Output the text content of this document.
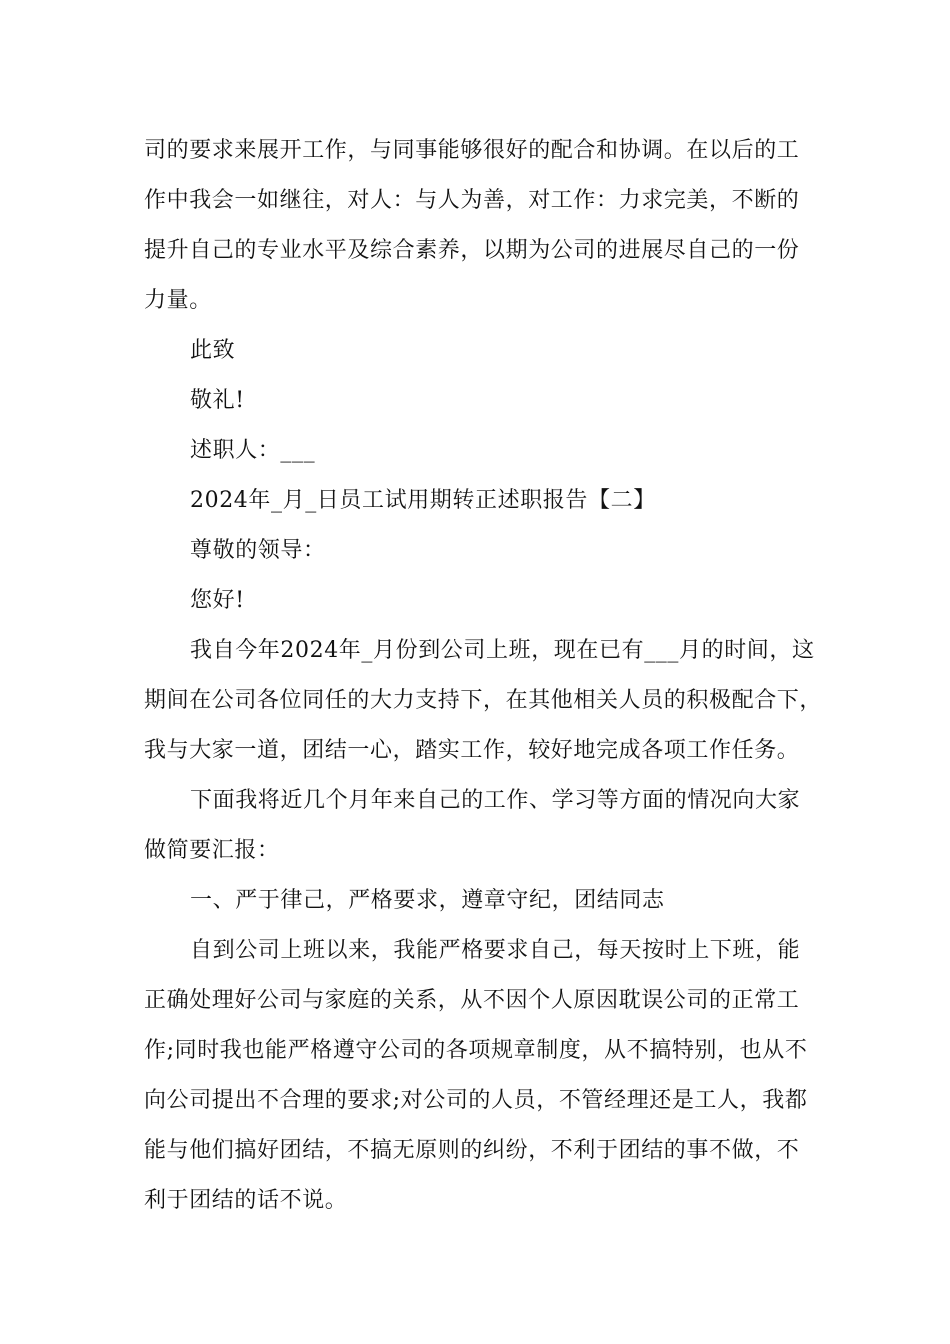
司的要求来展开工作，与同事能够很好的配合和协调。在以后的工
作中我会一如继往，对人：与人为善，对工作：力求完美，不断的
提升自己的专业水平及综合素养，以期为公司的进展尽自己的一份
力量。
此致
敬礼!
述职人：___
2024年_月_日员工试用期转正述职报告【二】
尊敬的领导：
您好!
我自今年2024年_月份到公司上班，现在已有___月的时间，这
期间在公司各位同任的大力支持下，在其他相关人员的积极配合下，
我与大家一道，团结一心，踏实工作，较好地完成各项工作任务。
下面我将近几个月年来自己的工作、学习等方面的情况向大家
做简要汇报：
一、严于律己，严格要求，遵章守纪，团结同志
自到公司上班以来，我能严格要求自己，每天按时上下班，能
正确处理好公司与家庭的关系，从不因个人原因耽误公司的正常工
作;同时我也能严格遵守公司的各项规章制度，从不搞特别，也从不
向公司提出不合理的要求;对公司的人员，不管经理还是工人，我都
能与他们搞好团结，不搞无原则的纠纷，不利于团结的事不做，不
利于团结的话不说。
